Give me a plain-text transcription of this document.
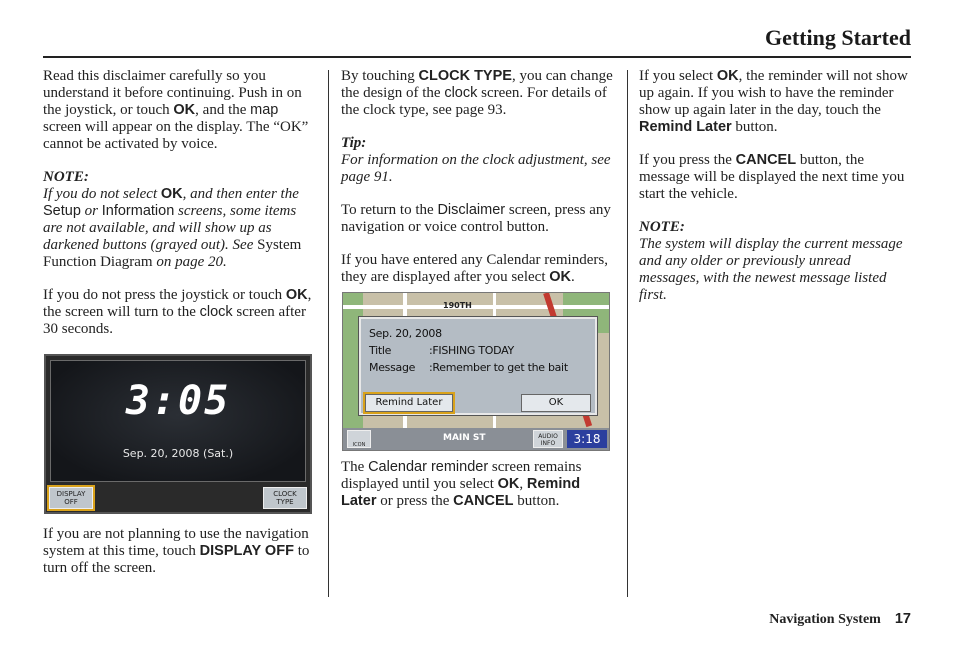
Getting Started

Read this disclaimer carefully so you understand it before continuing. Push in on the joystick, or touch OK, and the map screen will appear on the display. The “OK” cannot be activated by voice.

NOTE:

If you do not select OK, and then enter the Setup or Information screens, some items are not available, and will show up as darkened buttons (grayed out). See System Function Diagram on page 20.

If you do not press the joystick or touch OK, the screen will turn to the clock screen after 30 seconds.

3:05
Sep. 20, 2008 (Sat.)
DISPLAY
OFF
CLOCK
TYPE

If you are not planning to use the navigation system at this time, touch DISPLAY OFF to turn off the screen.

By touching CLOCK TYPE, you can change the design of the clock screen. For details of the clock type, see page 93.

Tip:

For information on the clock adjustment, see page 91.

To return to the Disclaimer screen, press any navigation or voice control button.

If you have entered any Calendar reminders, they are displayed after you select OK.

190TH
Sep. 20, 2008
Title	:FISHING TODAY
Message :Remember to get the bait
Remind Later	OK
ICON
MAIN ST	AUDIO
INFO	3:18

The Calendar reminder screen remains displayed until you select OK, Remind Later or press the CANCEL button.

If you select OK, the reminder will not show up again. If you wish to have the reminder show up again later in the day, touch the Remind Later button.

If you press the CANCEL button, the message will be displayed the next time you start the vehicle.

NOTE:

The system will display the current message and any older or previously unread messages, with the newest message listed first.

Navigation System 17
